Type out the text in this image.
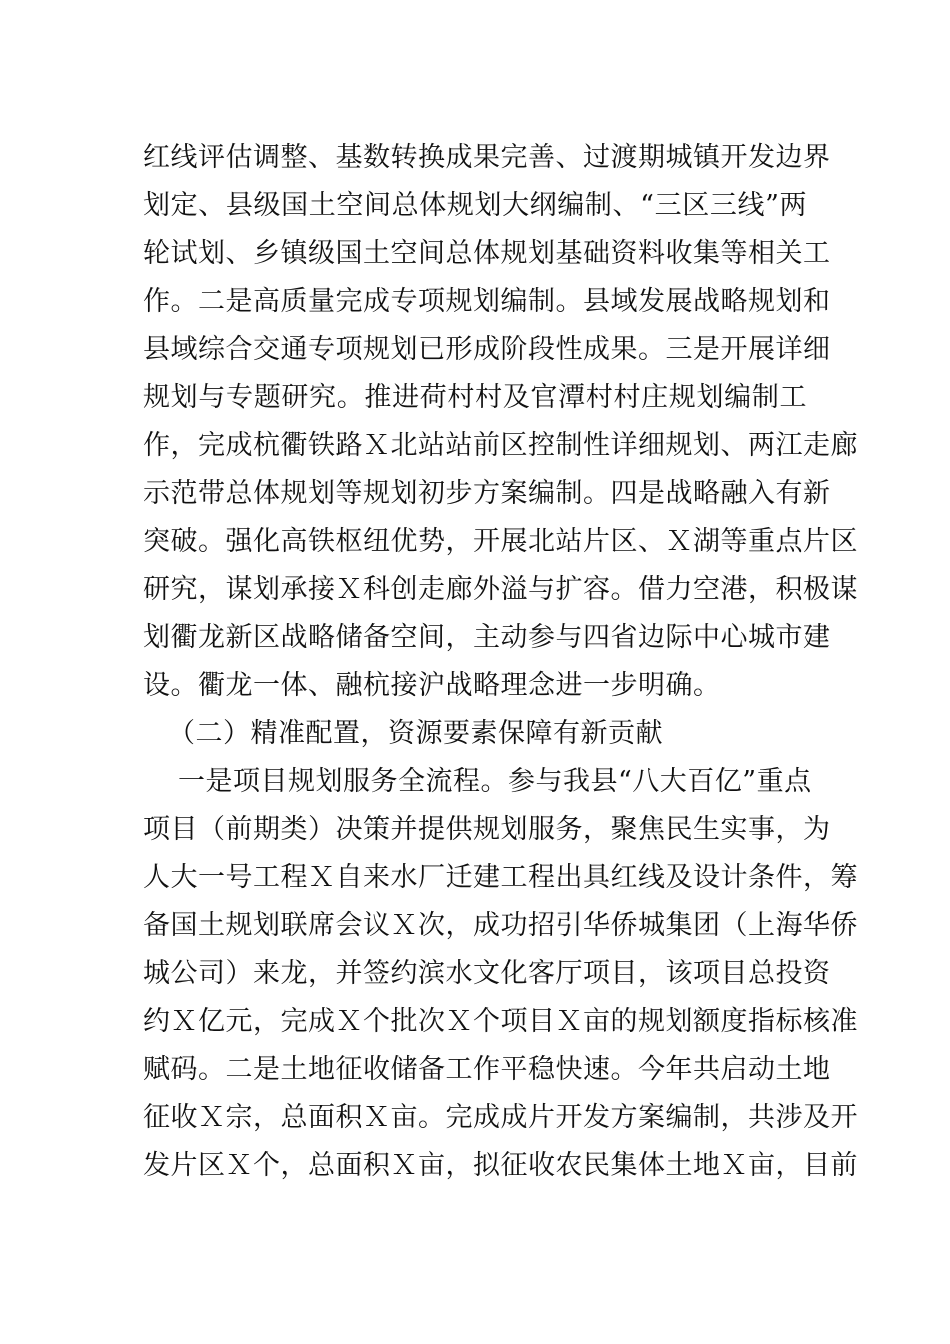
红线评估调整、基数转换成果完善、过渡期城镇开发边界
划定、县级国土空间总体规划大纲编制、“三区三线”两
轮试划、乡镇级国土空间总体规划基础资料收集等相关工
作。二是高质量完成专项规划编制。县域发展战略规划和
县域综合交通专项规划已形成阶段性成果。三是开展详细
规划与专题研究。推进荷村村及官潭村村庄规划编制工
作，完成杭衢铁路Ｘ北站站前区控制性详细规划、两江走廊
示范带总体规划等规划初步方案编制。四是战略融入有新
突破。强化高铁枢纽优势，开展北站片区、Ｘ湖等重点片区
研究，谋划承接Ｘ科创走廊外溢与扩容。借力空港，积极谋
划衢龙新区战略储备空间，主动参与四省边际中心城市建
设。衢龙一体、融杭接沪战略理念进一步明确。
（二）精准配置，资源要素保障有新贡献
一是项目规划服务全流程。参与我县“八大百亿”重点
项目（前期类）决策并提供规划服务，聚焦民生实事，为
人大一号工程Ｘ自来水厂迁建工程出具红线及设计条件，筹
备国土规划联席会议Ｘ次，成功招引华侨城集团（上海华侨
城公司）来龙，并签约滨水文化客厅项目，该项目总投资
约Ｘ亿元，完成Ｘ个批次Ｘ个项目Ｘ亩的规划额度指标核准
赋码。二是土地征收储备工作平稳快速。今年共启动土地
征收Ｘ宗，总面积Ｘ亩。完成成片开发方案编制，共涉及开
发片区Ｘ个，总面积Ｘ亩，拟征收农民集体土地Ｘ亩，目前
